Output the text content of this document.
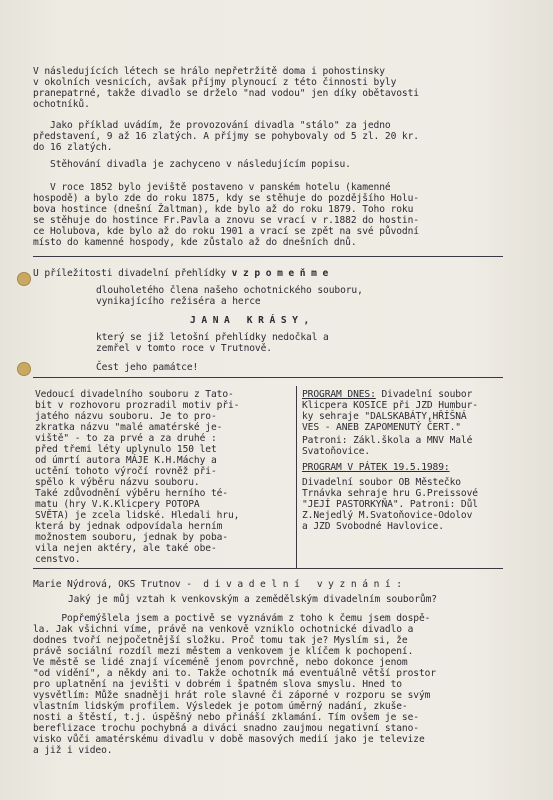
V následujících létech se hrálo nepřetržitě doma i pohostinsky
v okolních vesnicích, avšak příjmy plynoucí z této činnosti byly
pranepatrné, takže divadlo se drželo "nad vodou" jen díky obětavosti
ochotníků.
Jako příklad uvádím, že provozování divadla "stálo" za jedno
představení, 9 až 16 zlatých. A příjmy se pohybovaly od 5 zl. 20 kr.
do 16 zlatých.
Stěhování divadla je zachyceno v následujícím popisu.
V roce 1852 bylo jeviště postaveno v panském hotelu (kamenné
hospodě) a bylo zde do roku 1875, kdy se stěhuje do pozdějšího Holu-
bova hostince (dnešní Žaltman), kde bylo až do roku 1879. Toho roku
se stěhuje do hostince Fr.Pavla a znovu se vrací v r.1882 do hostin-
ce Holubova, kde bylo až do roku 1901 a vrací se zpět na své původní
místo do kamenné hospody, kde zůstalo až do dnešních dnů.
U příležitosti divadelní přehlídky v z p o m e ň m e
dlouholetého člena našeho ochotnického souboru,
vynikajícího režiséra a herce
J A N A   K R Á S Y ,
který se již letošní přehlídky nedočkal a
zemřel v tomto roce v Trutnově.
Čest jeho památce!
Vedoucí divadelního souboru z Tato-
bit v rozhovoru prozradil motiv při-
jatého názvu souboru. Je to pro-
zkratka názvu "malé amatérské je-
viště" - to za prvé a za druhé :
před třemi léty uplynulo 150 let
od úmrtí autora MÁJE K.H.Máchy a
uctění tohoto výročí rovněž při-
spělo k výběru názvu souboru.
Také zdůvodnění výběru herního té-
matu (hry V.K.Klicpery POTOPA
SVĚTA) je zcela lidské. Hledali hru,
která by jednak odpovídala herním
možnostem souboru, jednak by poba-
vila nejen aktéry, ale také obe-
censtvo.
PROGRAM DNES: Divadelní soubor
Klicpera KOSICE při JZD Humbur-
ky sehraje "DALSKABÁTY,HŘÍŠNÁ
VES - ANEB ZAPOMENUTÝ ČERT."
Patroni: Zákl.škola a MNV Malé
Svatoňovice.
PROGRAM V PÁTEK 19.5.1989:
Divadelní soubor OB Městečko
Trnávka sehraje hru G.Preissové
"JEJÍ PASTORKYŇA". Patroni: Důl
Z.Nejedlý M.Svatoňovice-Odolov
a JZD Svobodné Havlovice.
Marie Nýdrová, OKS Trutnov - d i v a d e l n í   v y z n á n í :
Jaký je můj vztah k venkovským a zemědělským divadelním souborům?
Popřemýšlela jsem a poctivě se vyznávám z toho k čemu jsem dospě-
la. Jak všichni víme, právě na venkově vzniklo ochotnické divadlo a
dodnes tvoří nejpočetnější složku. Proč tomu tak je? Myslím si, že
právě sociální rozdíl mezi městem a venkovem je klíčem k pochopení.
Ve městě se lidé znají víceméně jenom povrchně, nebo dokonce jenom
"od vidění", a někdy ani to. Takže ochotník má eventuálně větší prostor
pro uplatnění na jevišti v dobrém i špatném slova smyslu. Hned to
vysvětlím: Může snadněji hrát role slavné či záporné v rozporu se svým
vlastním lidským profilem. Výsledek je potom úměrný nadání, zkuše-
nosti a štěstí, t.j. úspěšný nebo přináší zklamání. Tím ovšem je se-
bereflizace trochu pochybná a diváci snadno zaujmou negativní stano-
visko vůči amatérskému divadlu v době masových medií jako je televize
a již i video.
